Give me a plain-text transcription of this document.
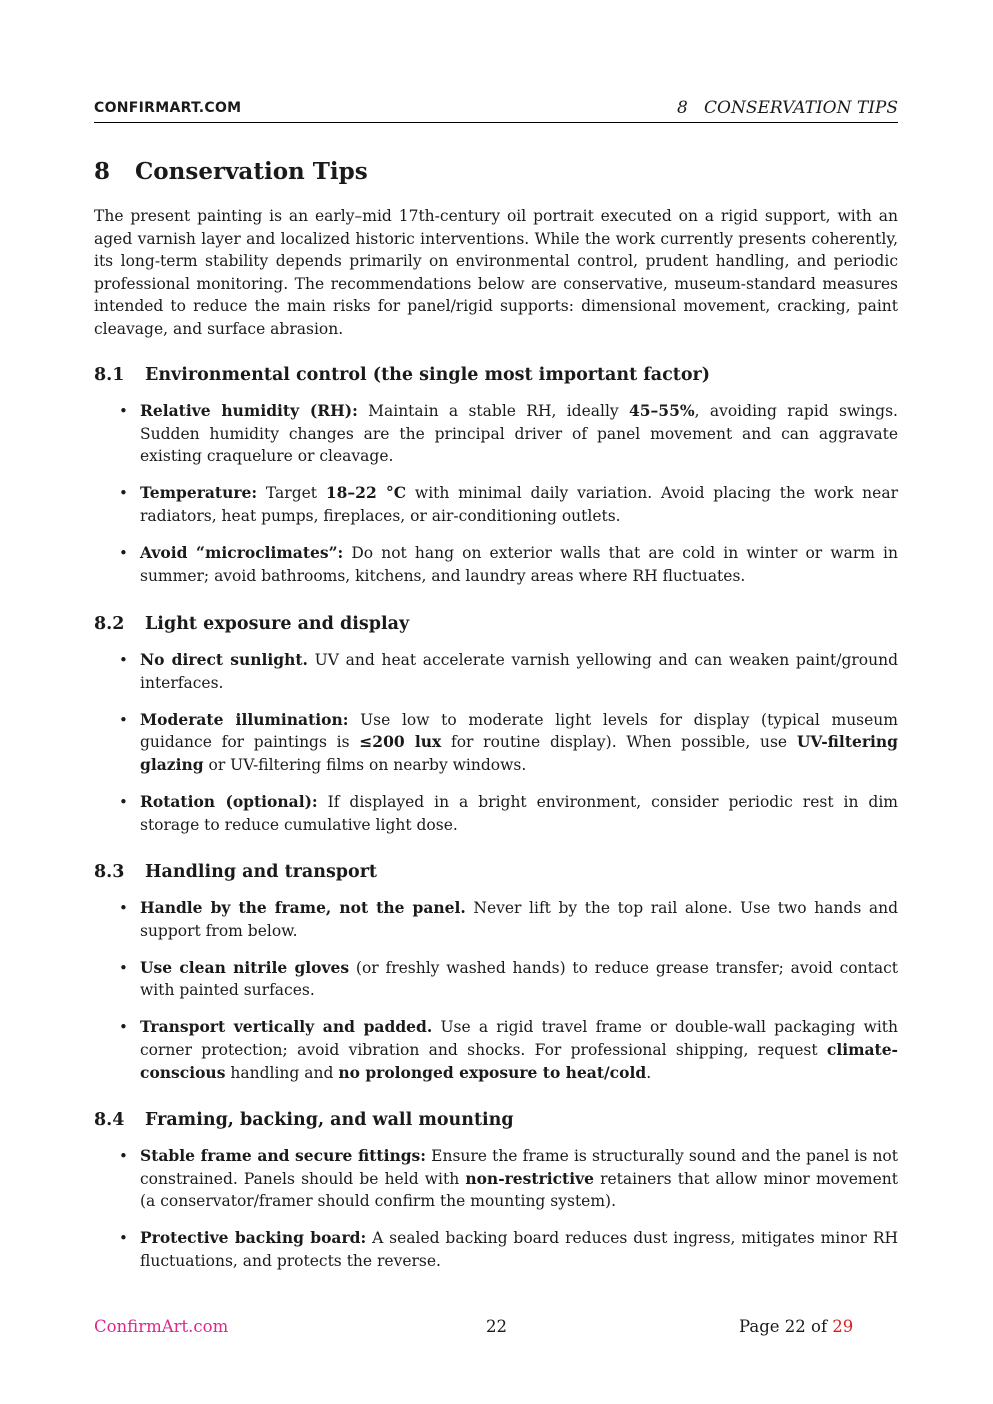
CONFIRMART.COM	8 CONSERVATION TIPS
8 Conservation Tips

The present painting is an early–mid 17th-century oil portrait executed on a rigid support, with an aged varnish layer and localized historic interventions. While the work currently presents coherently, its long-term stability depends primarily on environmental control, prudent handling, and periodic professional monitoring. The recommendations below are conservative, museum-standard measures intended to reduce the main risks for panel/rigid supports: dimensional movement, cracking, paint cleavage, and surface abrasion.

8.1 Environmental control (the single most important factor)
• Relative humidity (RH): Maintain a stable RH, ideally 45–55%, avoiding rapid swings. Sudden humidity changes are the principal driver of panel movement and can aggravate existing craquelure or cleavage.
• Temperature: Target 18–22 °C with minimal daily variation. Avoid placing the work near radiators, heat pumps, fireplaces, or air-conditioning outlets.
• Avoid “microclimates”: Do not hang on exterior walls that are cold in winter or warm in summer; avoid bathrooms, kitchens, and laundry areas where RH fluctuates.
8.2 Light exposure and display
• No direct sunlight. UV and heat accelerate varnish yellowing and can weaken paint/ground interfaces.
• Moderate illumination: Use low to moderate light levels for display (typical museum guidance for paintings is ≤200 lux for routine display). When possible, use UV-filtering glazing or UV-filtering films on nearby windows.
• Rotation (optional): If displayed in a bright environment, consider periodic rest in dim storage to reduce cumulative light dose.
8.3 Handling and transport
• Handle by the frame, not the panel. Never lift by the top rail alone. Use two hands and support from below.
• Use clean nitrile gloves (or freshly washed hands) to reduce grease transfer; avoid contact with painted surfaces.
• Transport vertically and padded. Use a rigid travel frame or double-wall packaging with corner protection; avoid vibration and shocks. For professional shipping, request climate-conscious handling and no prolonged exposure to heat/cold.
8.4 Framing, backing, and wall mounting
• Stable frame and secure fittings: Ensure the frame is structurally sound and the panel is not constrained. Panels should be held with non-restrictive retainers that allow minor movement (a conservator/framer should confirm the mounting system).
• Protective backing board: A sealed backing board reduces dust ingress, mitigates minor RH fluctuations, and protects the reverse.
ConfirmArt.com	22	Page 22 of 29
